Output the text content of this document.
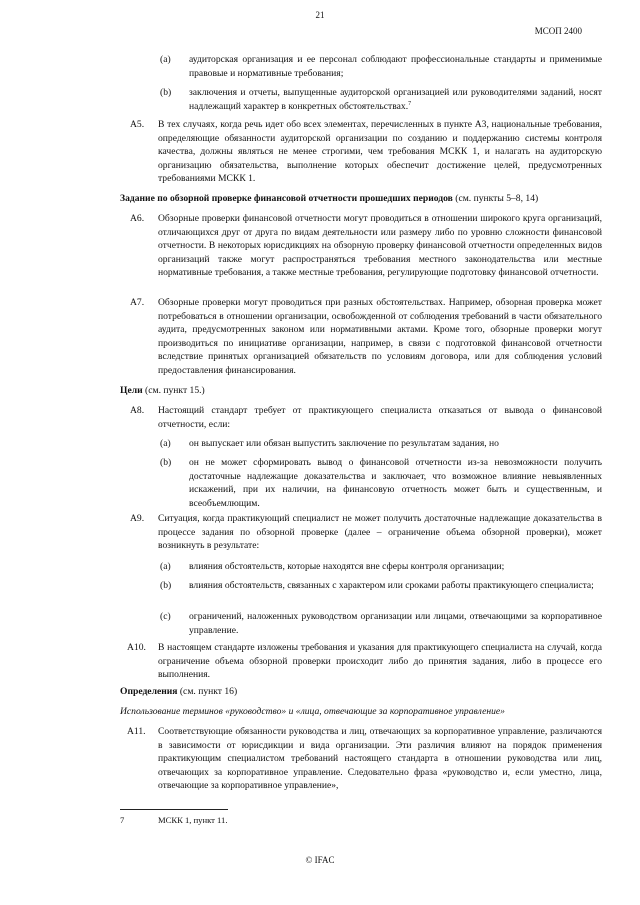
21
МСОП 2400
(a) аудиторская организация и ее персонал соблюдают профессиональные стандарты и применимые правовые и нормативные требования;
(b) заключения и отчеты, выпущенные аудиторской организацией или руководителями заданий, носят надлежащий характер в конкретных обстоятельствах.$^7$
A5. В тех случаях, когда речь идет обо всех элементах, перечисленных в пункте A3, национальные требования, определяющие обязанности аудиторской организации по созданию и поддержанию системы контроля качества, должны являться не менее строгими, чем требования МСКК 1, и налагать на аудиторскую организацию обязательства, выполнение которых обеспечит достижение целей, предусмотренных требованиями МСКК 1.
Задание по обзорной проверке финансовой отчетности прошедших периодов (см. пункты 5–8, 14)
A6. Обзорные проверки финансовой отчетности могут проводиться в отношении широкого круга организаций, отличающихся друг от друга по видам деятельности или размеру либо по уровню сложности финансовой отчетности. В некоторых юрисдикциях на обзорную проверку финансовой отчетности определенных видов организаций также могут распространяться требования местного законодательства или местные нормативные требования, а также местные требования, регулирующие подготовку финансовой отчетности.
A7. Обзорные проверки могут проводиться при разных обстоятельствах. Например, обзорная проверка может потребоваться в отношении организации, освобожденной от соблюдения требований в части обязательного аудита, предусмотренных законом или нормативными актами. Кроме того, обзорные проверки могут производиться по инициативе организации, например, в связи с подготовкой финансовой отчетности вследствие принятых организацией обязательств по условиям договора, или для соблюдения условий предоставления финансирования.
Цели (см. пункт 15.)
A8. Настоящий стандарт требует от практикующего специалиста отказаться от вывода о финансовой отчетности, если:
(a) он выпускает или обязан выпустить заключение по результатам задания, но
(b) он не может сформировать вывод о финансовой отчетности из-за невозможности получить достаточные надлежащие доказательства и заключает, что возможное влияние невыявленных искажений, при их наличии, на финансовую отчетность может быть и существенным, и всеобъемлющим.
A9. Ситуация, когда практикующий специалист не может получить достаточные надлежащие доказательства в процессе задания по обзорной проверке (далее – ограничение объема обзорной проверки), может возникнуть в результате:
(a) влияния обстоятельств, которые находятся вне сферы контроля организации;
(b) влияния обстоятельств, связанных с характером или сроками работы практикующего специалиста;
(c) ограничений, наложенных руководством организации или лицами, отвечающими за корпоративное управление.
A10. В настоящем стандарте изложены требования и указания для практикующего специалиста на случай, когда ограничение объема обзорной проверки происходит либо до принятия задания, либо в процессе его выполнения.
Определения (см. пункт 16)
Использование терминов «руководство» и «лица, отвечающие за корпоративное управление»
A11. Соответствующие обязанности руководства и лиц, отвечающих за корпоративное управление, различаются в зависимости от юрисдикции и вида организации. Эти различия влияют на порядок применения практикующим специалистом требований настоящего стандарта в отношении руководства или лиц, отвечающих за корпоративное управление. Следовательно фраза «руководство и, если уместно, лица, отвечающие за корпоративное управление»,
7	МСКК 1, пункт 11.
© IFAC
